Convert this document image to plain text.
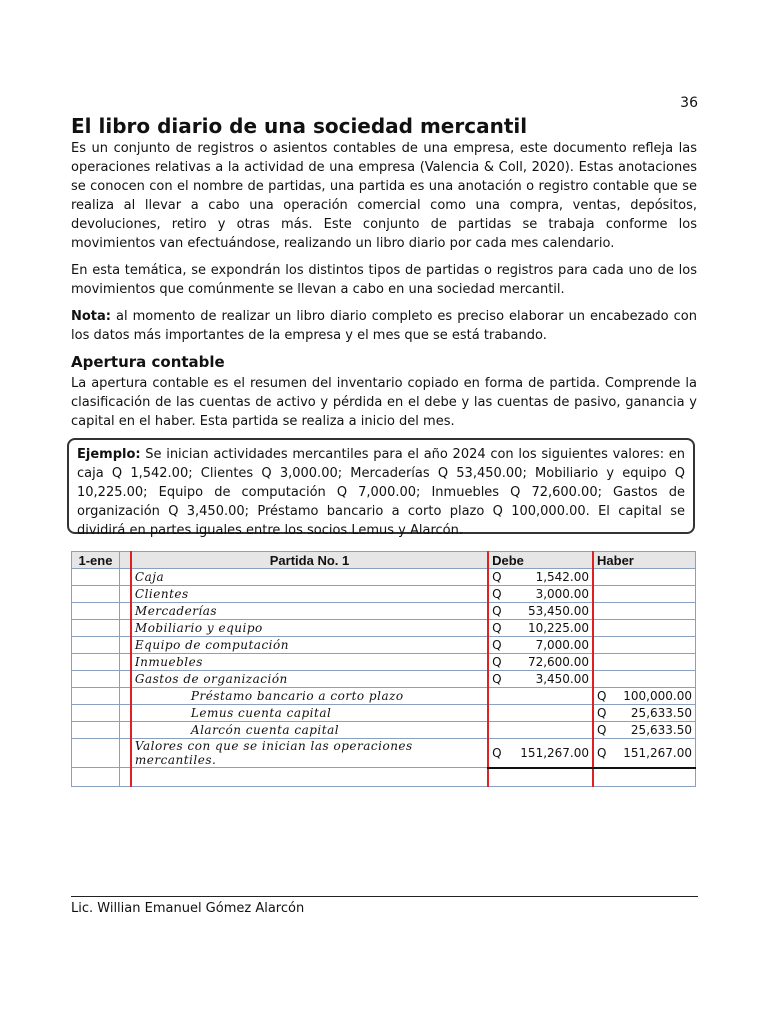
36
El libro diario de una sociedad mercantil

Es un conjunto de registros o asientos contables de una empresa, este documento refleja las operaciones relativas a la actividad de una empresa (Valencia & Coll, 2020). Estas anotaciones se conocen con el nombre de partidas, una partida es una anotación o registro contable que se realiza al llevar a cabo una operación comercial como una compra, ventas, depósitos, devoluciones, retiro y otras más. Este conjunto de partidas se trabaja conforme los movimientos van efectuándose, realizando un libro diario por cada mes calendario.

En esta temática, se expondrán los distintos tipos de partidas o registros para cada uno de los movimientos que comúnmente se llevan a cabo en una sociedad mercantil.

Nota: al momento de realizar un libro diario completo es preciso elaborar un encabezado con los datos más importantes de la empresa y el mes que se está trabando.

Apertura contable

La apertura contable es el resumen del inventario copiado en forma de partida. Comprende la clasificación de las cuentas de activo y pérdida en el debe y las cuentas de pasivo, ganancia y capital en el haber. Esta partida se realiza a inicio del mes.

Ejemplo: Se inician actividades mercantiles para el año 2024 con los siguientes valores: en caja Q 1,542.00; Clientes Q 3,000.00; Mercaderías Q 53,450.00; Mobiliario y equipo Q 10,225.00; Equipo de computación Q 7,000.00; Inmuebles Q 72,600.00; Gastos de organización Q 3,450.00; Préstamo bancario a corto plazo Q 100,000.00. El capital se dividirá en partes iguales entre los socios Lemus y Alarcón.
1-ene		Partida No. 1	Debe	Haber
		Caja	Q 1,542.00	

		Clientes	Q 3,000.00	

		Mercaderías	Q 53,450.00	

		Mobiliario y equipo	Q 10,225.00	

		Equipo de computación	Q 7,000.00	

		Inmuebles	Q 72,600.00	

		Gastos de organización	Q 3,450.00	

		Préstamo bancario a corto plazo		Q 100,000.00

		Lemus cuenta capital		Q 25,633.50

		Alarcón cuenta capital		Q 25,633.50

		Valores con que se inician las operaciones mercantiles.	Q 151,267.00	Q 151,267.00

Lic. Willian Emanuel Gómez Alarcón
